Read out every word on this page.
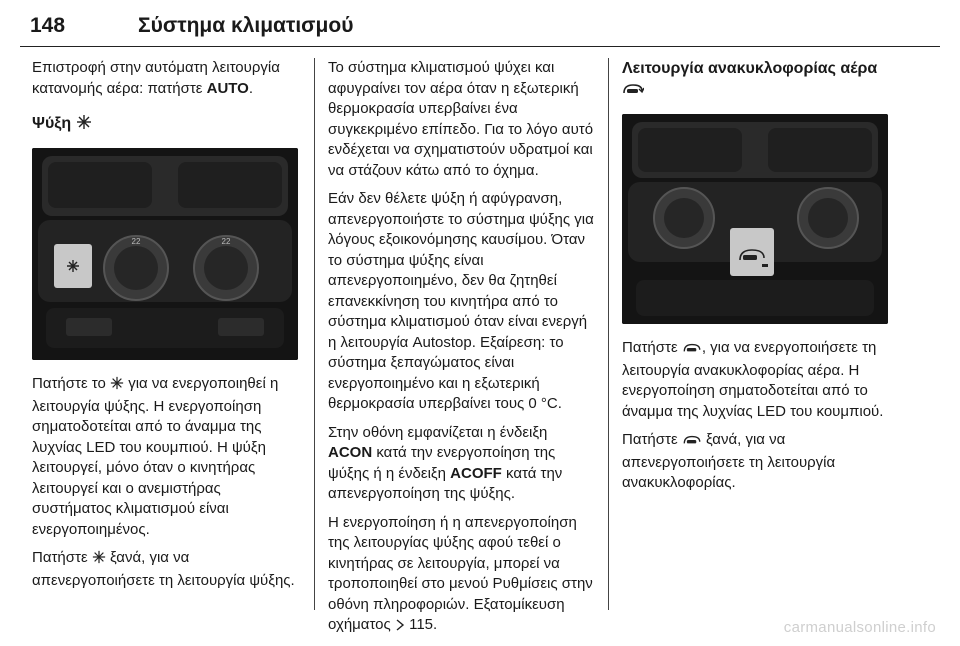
148	Σύστημα κλιματισμού

Επιστροφή στην αυτόματη λειτουργία κατανομής αέρα: πατήστε AUTO.

Ψύξη
22	22

Πατήστε το  για να ενεργοποιηθεί η λειτουργία ψύξης. Η ενεργοποίηση σηματοδοτείται από το άναμμα της λυχνίας LED του κουμπιού. Η ψύξη λειτουργεί, μόνο όταν ο κινητήρας λειτουργεί και ο ανεμιστήρας συστήματος κλιματισμού είναι ενεργοποιημένος.

Πατήστε  ξανά, για να απενεργοποιήσετε τη λειτουργία ψύξης.

Το σύστημα κλιματισμού ψύχει και αφυγραίνει τον αέρα όταν η εξωτερική θερμοκρασία υπερβαίνει ένα συγκεκριμένο επίπεδο. Για το λόγο αυτό ενδέχεται να σχηματιστούν υδρατμοί και να στάζουν κάτω από το όχημα.

Εάν δεν θέλετε ψύξη ή αφύγρανση, απενεργοποιήστε το σύστημα ψύξης για λόγους εξοικονόμησης καυσίμου. Όταν το σύστημα ψύξης είναι απενεργοποιημένο, δεν θα ζητηθεί επανεκκίνηση του κινητήρα από το σύστημα κλιματισμού όταν είναι ενεργή η λειτουργία Autostop. Εξαίρεση: το σύστημα ξεπαγώματος είναι ενεργοποιημένο και η εξωτερική θερμοκρασία υπερβαίνει τους 0 °C.

Στην οθόνη εμφανίζεται η ένδειξη ACON κατά την ενεργοποίηση της ψύξης ή η ένδειξη ACOFF κατά την απενεργοποίηση της ψύξης.

Η ενεργοποίηση ή η απενεργοποίηση της λειτουργίας ψύξης αφού τεθεί ο κινητήρας σε λειτουργία, μπορεί να τροποποιηθεί στο μενού Ρυθμίσεις στην οθόνη πληροφοριών. Εξατομίκευση οχήματος  115.

Λειτουργία ανακυκλοφορίας αέρα

Πατήστε , για να ενεργοποιήσετε τη λειτουργία ανακυκλοφορίας αέρα. Η ενεργοποίηση σηματοδοτείται από το άναμμα της λυχνίας LED του κουμπιού.

Πατήστε  ξανά, για να απενεργοποιήσετε τη λειτουργία ανακυκλοφορίας.

carmanualsonline.info
